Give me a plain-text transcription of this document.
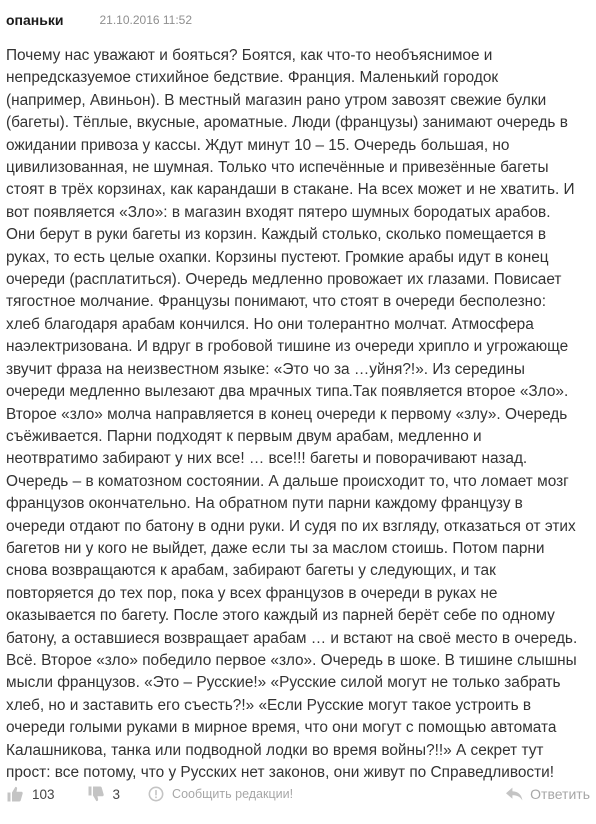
опаньки	21.10.2016 11:52
Почему нас уважают и бояться? Боятся, как что-то необъяснимое и
непредсказуемое стихийное бедствие. Франция. Маленький городок
(например, Авиньон). В местный магазин рано утром завозят свежие булки
(багеты). Тёплые, вкусные, ароматные. Люди (французы) занимают очередь в
ожидании привоза у кассы. Ждут минут 10 – 15. Очередь большая, но
цивилизованная, не шумная. Только что испечённые и привезённые багеты
стоят в трёх корзинах, как карандаши в стакане. На всех может и не хватить. И
вот появляется «Зло»: в магазин входят пятеро шумных бородатых арабов.
Они берут в руки багеты из корзин. Каждый столько, сколько помещается в
руках, то есть целые охапки. Корзины пустеют. Громкие арабы идут в конец
очереди (расплатиться). Очередь медленно провожает их глазами. Повисает
тягостное молчание. Французы понимают, что стоят в очереди бесполезно:
хлеб благодаря арабам кончился. Но они толерантно молчат. Атмосфера
наэлектризована. И вдруг в гробовой тишине из очереди хрипло и угрожающе
звучит фраза на неизвестном языке: «Это чо за …уйня?!». Из середины
очереди медленно вылезают два мрачных типа.Так появляется второе «Зло».
Второе «зло» молча направляется в конец очереди к первому «злу». Очередь
съёживается. Парни подходят к первым двум арабам, медленно и
неотвратимо забирают у них все! … все!!! багеты и поворачивают назад.
Очередь – в коматозном состоянии. А дальше происходит то, что ломает мозг
французов окончательно. На обратном пути парни каждому французу в
очереди отдают по батону в одни руки. И судя по их взгляду, отказаться от этих
багетов ни у кого не выйдет, даже если ты за маслом стоишь. Потом парни
снова возвращаются к арабам, забирают багеты у следующих, и так
повторяется до тех пор, пока у всех французов в очереди в руках не
оказывается по багету. После этого каждый из парней берёт себе по одному
батону, а оставшиеся возвращает арабам … и встают на своё место в очередь.
Всё. Второе «зло» победило первое «зло». Очередь в шоке. В тишине слышны
мысли французов. «Это – Русские!» «Русские силой могут не только забрать
хлеб, но и заставить его съесть?!» «Если Русские могут такое устроить в
очереди голыми руками в мирное время, что они могут с помощью автомата
Калашникова, танка или подводной лодки во время войны?!!» А секрет тут
прост: все потому, что у Русских нет законов, они живут по Справедливости!
103	3	Сообщить редакции!	Ответить
